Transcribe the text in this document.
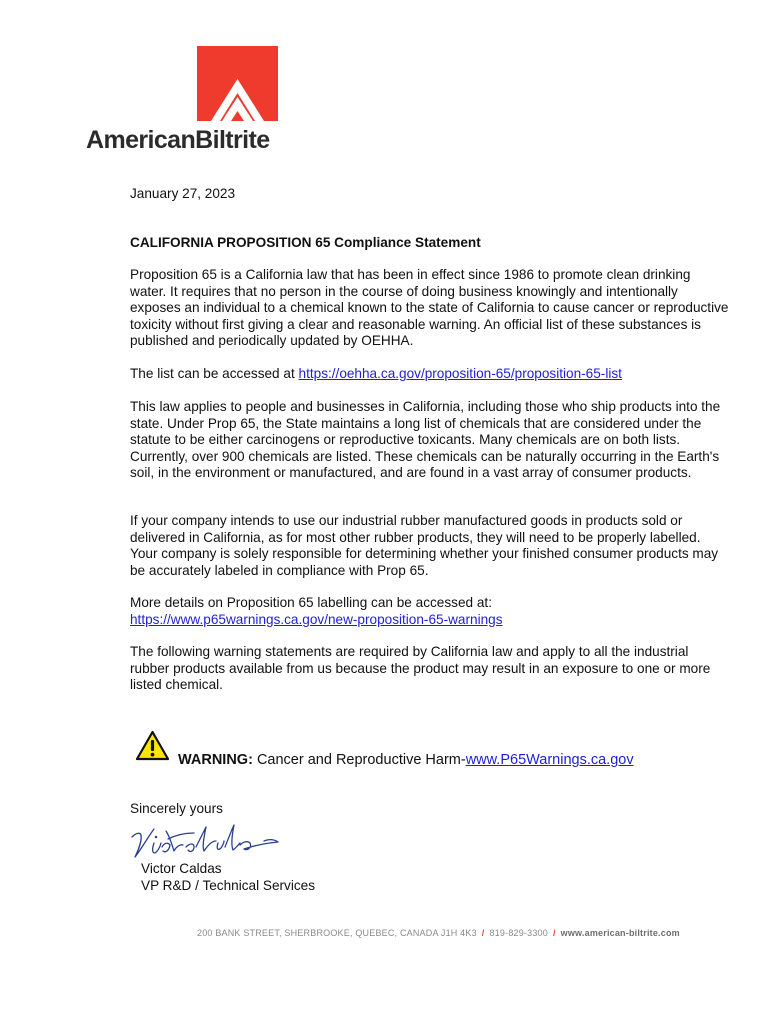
AmericanBiltrite
January 27, 2023
CALIFORNIA PROPOSITION 65 Compliance Statement

Proposition 65 is a California law that has been in effect since 1986 to promote clean drinking water. It requires that no person in the course of doing business knowingly and intentionally exposes an individual to a chemical known to the state of California to cause cancer or reproductive toxicity without first giving a clear and reasonable warning. An official list of these substances is published and periodically updated by OEHHA.

The list can be accessed at https://oehha.ca.gov/proposition-65/proposition-65-list

This law applies to people and businesses in California, including those who ship products into the state. Under Prop 65, the State maintains a long list of chemicals that are considered under the statute to be either carcinogens or reproductive toxicants. Many chemicals are on both lists. Currently, over 900 chemicals are listed. These chemicals can be naturally occurring in the Earth's soil, in the environment or manufactured, and are found in a vast array of consumer products.

If your company intends to use our industrial rubber manufactured goods in products sold or delivered in California, as for most other rubber products, they will need to be properly labelled. Your company is solely responsible for determining whether your finished consumer products may be accurately labeled in compliance with Prop 65.

More details on Proposition 65 labelling can be accessed at:
https://www.p65warnings.ca.gov/new-proposition-65-warnings

The following warning statements are required by California law and apply to all the industrial rubber products available from us because the product may result in an exposure to one or more listed chemical.

WARNING: Cancer and Reproductive Harm-www.P65Warnings.ca.gov
Sincerely yours
Victor Caldas
VP R&D / Technical Services
200 BANK STREET, SHERBROOKE, QUEBEC, CANADA J1H 4K3 / 819-829-3300 / www.american-biltrite.com
